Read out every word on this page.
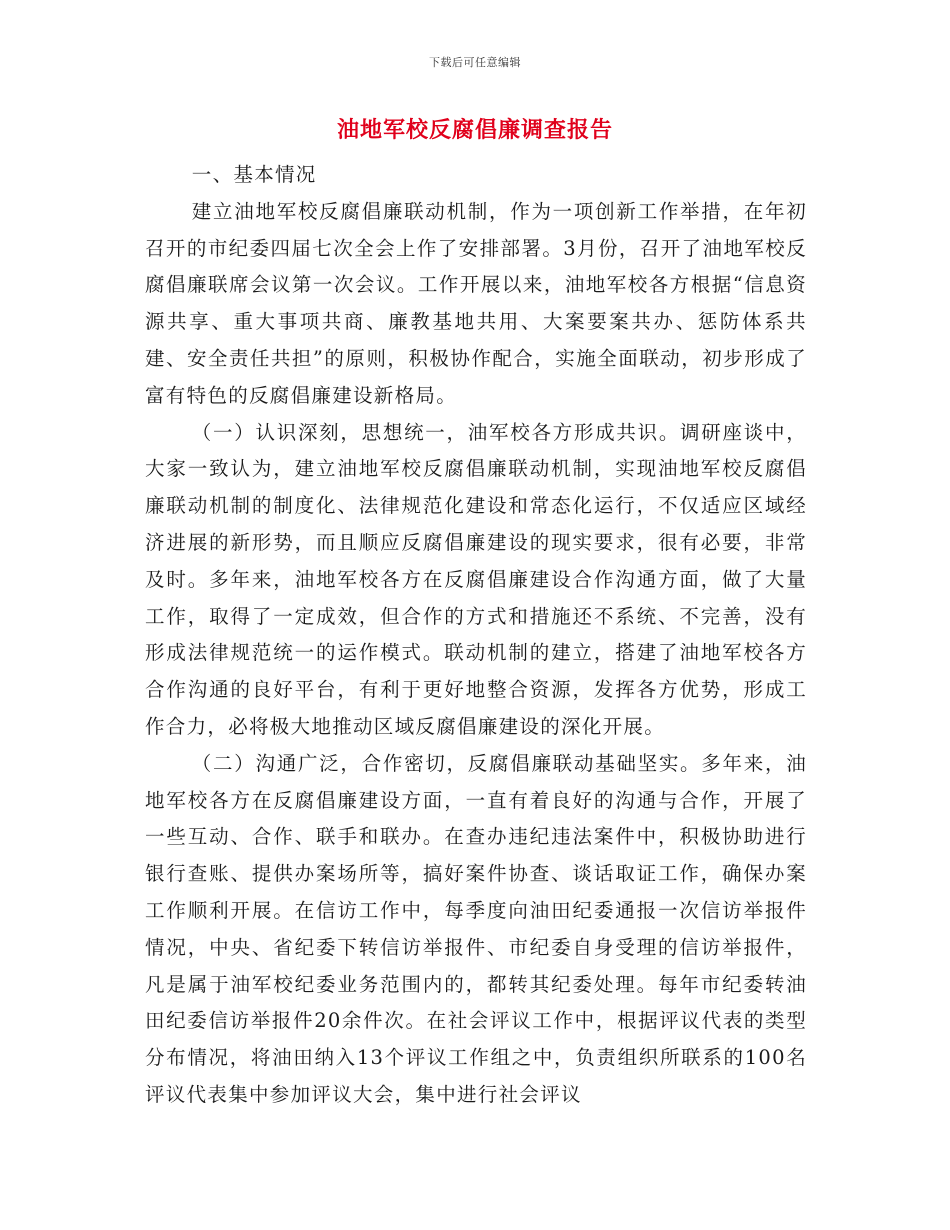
下载后可任意编辑
油地军校反腐倡廉调查报告

一、基本情况

建立油地军校反腐倡廉联动机制，作为一项创新工作举措，在年初召开的市纪委四届七次全会上作了安排部署。3月份，召开了油地军校反腐倡廉联席会议第一次会议。工作开展以来，油地军校各方根据“信息资源共享、重大事项共商、廉教基地共用、大案要案共办、惩防体系共建、安全责任共担”的原则，积极协作配合，实施全面联动，初步形成了富有特色的反腐倡廉建设新格局。

（一）认识深刻，思想统一，油军校各方形成共识。调研座谈中，大家一致认为，建立油地军校反腐倡廉联动机制，实现油地军校反腐倡廉联动机制的制度化、法律规范化建设和常态化运行，不仅适应区域经济进展的新形势，而且顺应反腐倡廉建设的现实要求，很有必要，非常及时。多年来，油地军校各方在反腐倡廉建设合作沟通方面，做了大量工作，取得了一定成效，但合作的方式和措施还不系统、不完善，没有形成法律规范统一的运作模式。联动机制的建立，搭建了油地军校各方合作沟通的良好平台，有利于更好地整合资源，发挥各方优势，形成工作合力，必将极大地推动区域反腐倡廉建设的深化开展。

（二）沟通广泛，合作密切，反腐倡廉联动基础坚实。多年来，油地军校各方在反腐倡廉建设方面，一直有着良好的沟通与合作，开展了一些互动、合作、联手和联办。在查办违纪违法案件中，积极协助进行银行查账、提供办案场所等，搞好案件协查、谈话取证工作，确保办案工作顺利开展。在信访工作中，每季度向油田纪委通报一次信访举报件情况，中央、省纪委下转信访举报件、市纪委自身受理的信访举报件，凡是属于油军校纪委业务范围内的，都转其纪委处理。每年市纪委转油田纪委信访举报件20余件次。在社会评议工作中，根据评议代表的类型分布情况，将油田纳入13个评议工作组之中，负责组织所联系的100名评议代表集中参加评议大会，集中进行社会评议
